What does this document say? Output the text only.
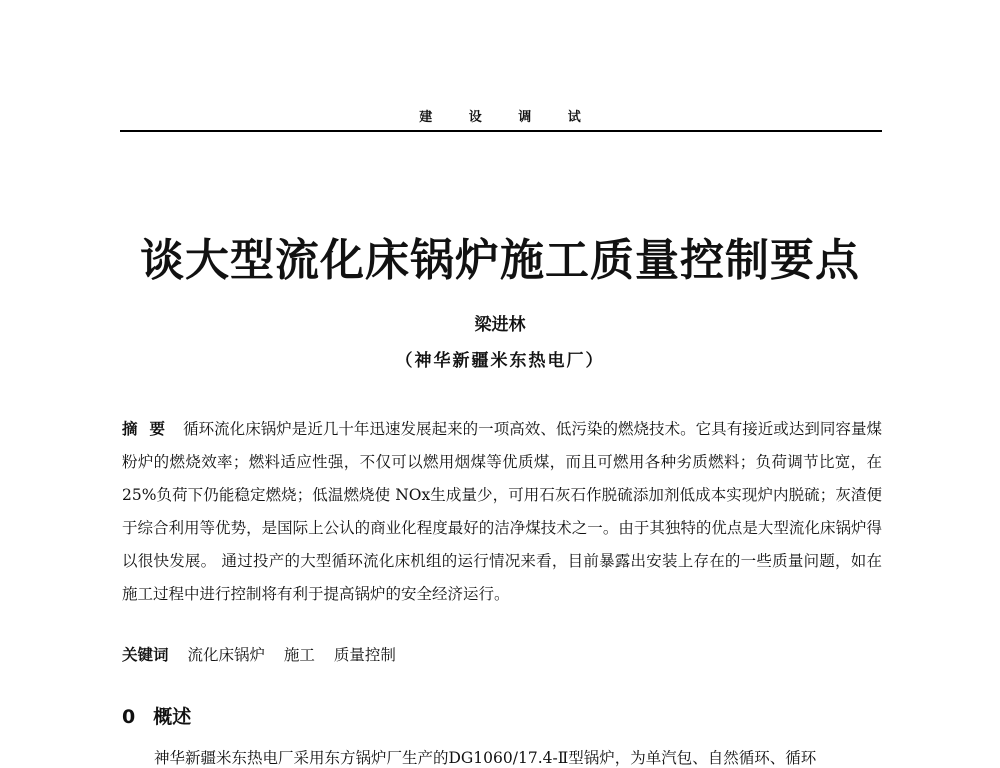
建 设 调 试
谈大型流化床锅炉施工质量控制要点
梁进林
（神华新疆米东热电厂）
摘要 循环流化床锅炉是近几十年迅速发展起来的一项高效、低污染的燃烧技术。它具有接近或达到同容量煤粉炉的燃烧效率；燃料适应性强，不仅可以燃用烟煤等优质煤，而且可燃用各种劣质燃料；负荷调节比宽，在 25%负荷下仍能稳定燃烧；低温燃烧使 NOx生成量少，可用石灰石作脱硫添加剂低成本实现炉内脱硫；灰渣便于综合利用等优势，是国际上公认的商业化程度最好的洁净煤技术之一。由于其独特的优点是大型流化床锅炉得以很快发展。 通过投产的大型循环流化床机组的运行情况来看，目前暴露出安装上存在的一些质量问题，如在施工过程中进行控制将有利于提高锅炉的安全经济运行。
关键词 流化床锅炉 施工 质量控制
0 概述
神华新疆米东热电厂采用东方锅炉厂生产的DG1060/17.4-Ⅱ型锅炉，为单汽包、自然循环、循环
